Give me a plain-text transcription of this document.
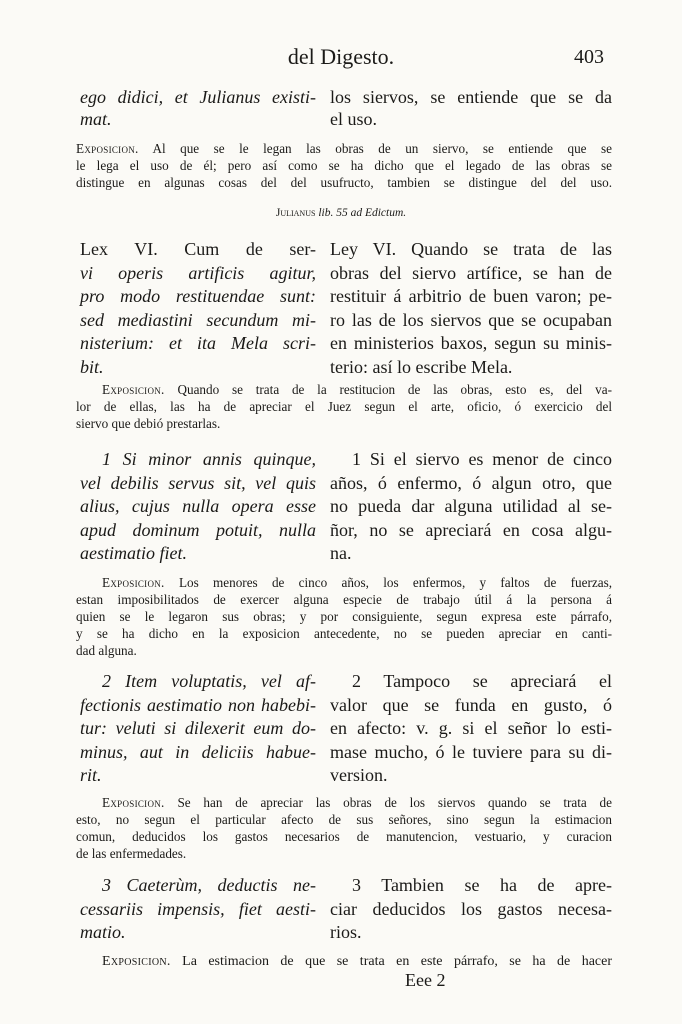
del Digesto.	403
ego didici, et Julianus existi-
mat.
los siervos, se entiende que se da
el uso.
Exposicion. Al que se le legan las obras de un siervo, se entiende que se
le lega el uso de él; pero así como se ha dicho que el legado de las obras se
distingue en algunas cosas del del usufructo, tambien se distingue del del uso.
Julianus lib. 55 ad Edictum.
Lex VI. Cum de ser-
vi operis artificis agitur,
pro modo restituendae sunt:
sed mediastini secundum mi-
nisterium: et ita Mela scri-
bit.
Ley VI. Quando se trata de las
obras del siervo artífice, se han de
restituir á arbitrio de buen varon; pe-
ro las de los siervos que se ocupaban
en ministerios baxos, segun su minis-
terio: así lo escribe Mela.
Exposicion. Quando se trata de la restitucion de las obras, esto es, del va-
lor de ellas, las ha de apreciar el Juez segun el arte, oficio, ó exercicio del
siervo que debió prestarlas.
1 Si minor annis quinque,
vel debilis servus sit, vel quis
alius, cujus nulla opera esse
apud dominum potuit, nulla
aestimatio fiet.
1 Si el siervo es menor de cinco
años, ó enfermo, ó algun otro, que
no pueda dar alguna utilidad al se-
ñor, no se apreciará en cosa algu-
na.
Exposicion. Los menores de cinco años, los enfermos, y faltos de fuerzas,
estan imposibilitados de exercer alguna especie de trabajo útil á la persona á
quien se le legaron sus obras; y por consiguiente, segun expresa este párrafo,
y se ha dicho en la exposicion antecedente, no se pueden apreciar en canti-
dad alguna.
2 Item voluptatis, vel af-
fectionis aestimatio non habebi-
tur: veluti si dilexerit eum do-
minus, aut in deliciis habue-
rit.
2 Tampoco se apreciará el
valor que se funda en gusto, ó
en afecto: v. g. si el señor lo esti-
mase mucho, ó le tuviere para su di-
version.
Exposicion. Se han de apreciar las obras de los siervos quando se trata de
esto, no segun el particular afecto de sus señores, sino segun la estimacion
comun, deducidos los gastos necesarios de manutencion, vestuario, y curacion
de las enfermedades.
3 Caeterùm, deductis ne-
cessariis impensis, fiet aesti-
matio.
3 Tambien se ha de apre-
ciar deducidos los gastos necesa-
rios.
Exposicion. La estimacion de que se trata en este párrafo, se ha de hacer
Eee 2
